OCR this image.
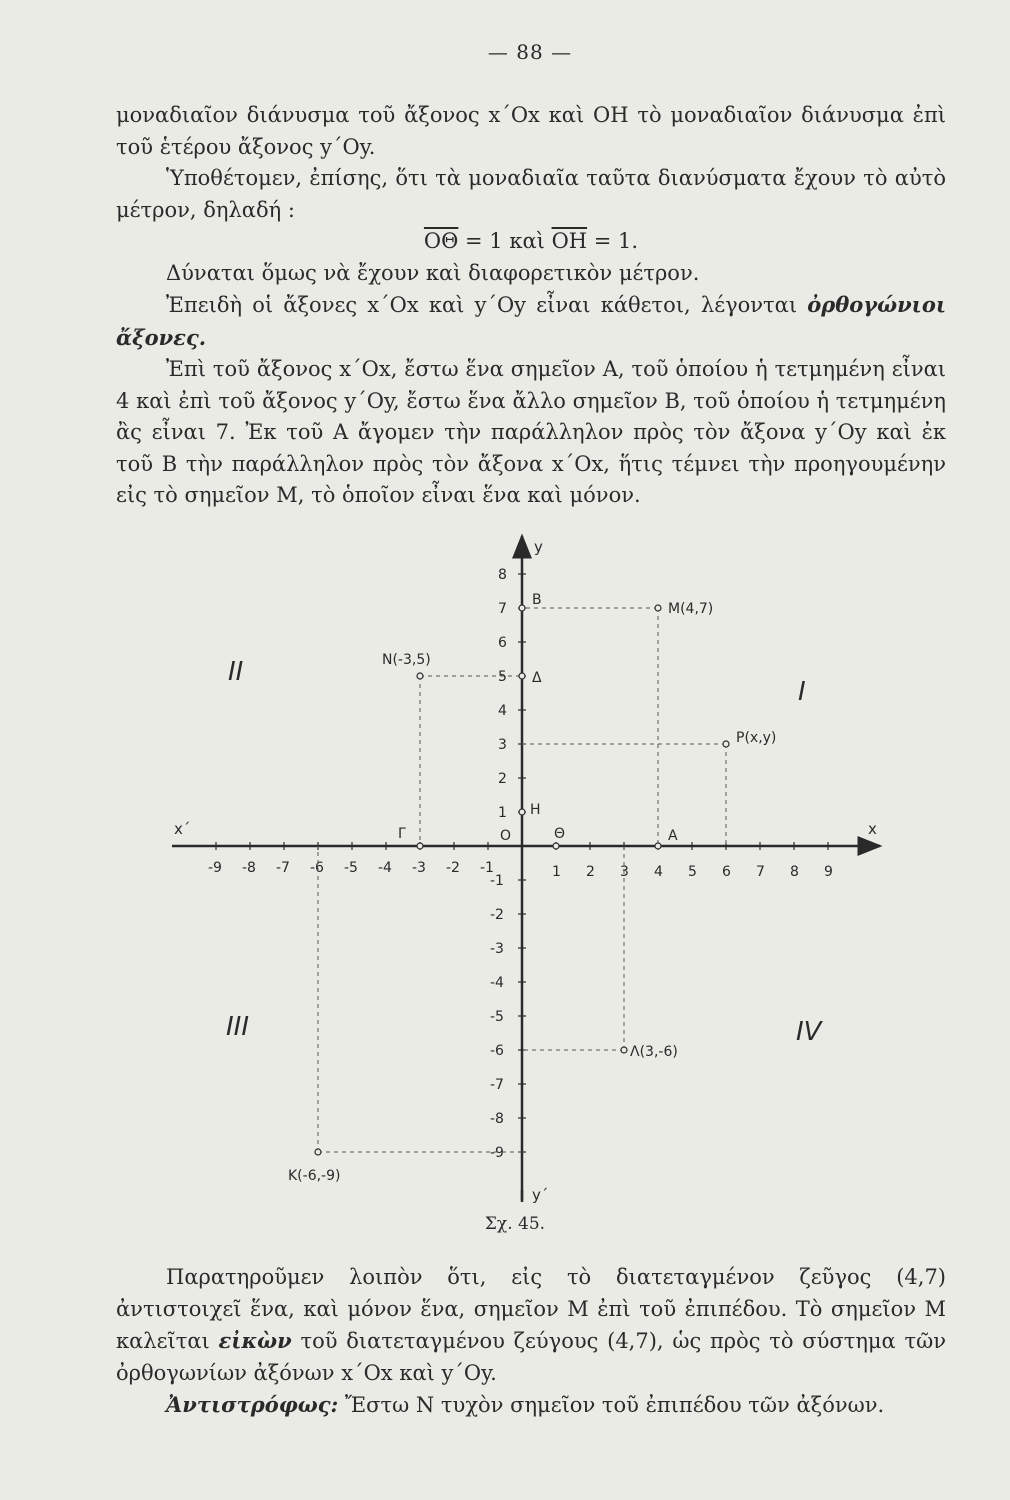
— 88 —

μοναδιαῖον διάνυσμα τοῦ ἄξονος x΄Ox καὶ ΟΗ τὸ μοναδιαῖον διάνυσμα ἐπὶ τοῦ ἑτέρου ἄξονος y΄Oy.

Ὑποθέτομεν, ἐπίσης, ὅτι τὰ μοναδιαῖα ταῦτα διανύσματα ἔχουν τὸ αὐτὸ μέτρον, δηλαδή :

$\overline{O\Theta} = 1$ καὶ $\overline{OH} = 1$.

Δύναται ὅμως νὰ ἔχουν καὶ διαφορετικὸν μέτρον.

Ἐπειδὴ οἱ ἄξονες x΄Ox καὶ y΄Oy εἶναι κάθετοι, λέγονται ὀρθογώνιοι ἄξονες.

Ἐπὶ τοῦ ἄξονος x΄Ox, ἔστω ἕνα σημεῖον Α, τοῦ ὁποίου ἡ τετμημένη εἶναι 4 καὶ ἐπὶ τοῦ ἄξονος y΄Oy, ἔστω ἕνα ἄλλο σημεῖον Β, τοῦ ὁποίου ἡ τετμημένη ἂς εἶναι 7. Ἐκ τοῦ Α ἄγομεν τὴν παράλληλον πρὸς τὸν ἄξονα y΄Oy καὶ ἐκ τοῦ Β τὴν παράλληλον πρὸς τὸν ἄξονα x΄Ox, ἥτις τέμνει τὴν προηγουμένην εἰς τὸ σημεῖον Μ, τὸ ὁποῖον εἶναι ἕνα καὶ μόνον.

x΄	x
y
y΄
O
-9 -8 -7 -6 -5 -4 -3 -2 -1	1 2 3 4 5 6 7 8 9
1
2
3
4
5
6
7
8
-1
-2
-3
-4
-5
-6
-7
-8
-9
M(4,7)
N(-3,5)
P(x,y)
K(-6,-9)
Λ(3,-6)
B
Δ
H
Θ	A
Γ
I
II
III	IV
Σχ. 45.

Παρατηροῦμεν λοιπὸν ὅτι, εἰς τὸ διατεταγμένον ζεῦγος (4,7) ἀντιστοιχεῖ ἕνα, καὶ μόνον ἕνα, σημεῖον Μ ἐπὶ τοῦ ἐπιπέδου. Τὸ σημεῖον Μ καλεῖται εἰκὼν τοῦ διατεταγμένου ζεύγους (4,7), ὡς πρὸς τὸ σύστημα τῶν ὀρθογωνίων ἀξόνων x΄Ox καὶ y΄Oy.

Ἀντιστρόφως: Ἔστω Ν τυχὸν σημεῖον τοῦ ἐπιπέδου τῶν ἀξόνων.
